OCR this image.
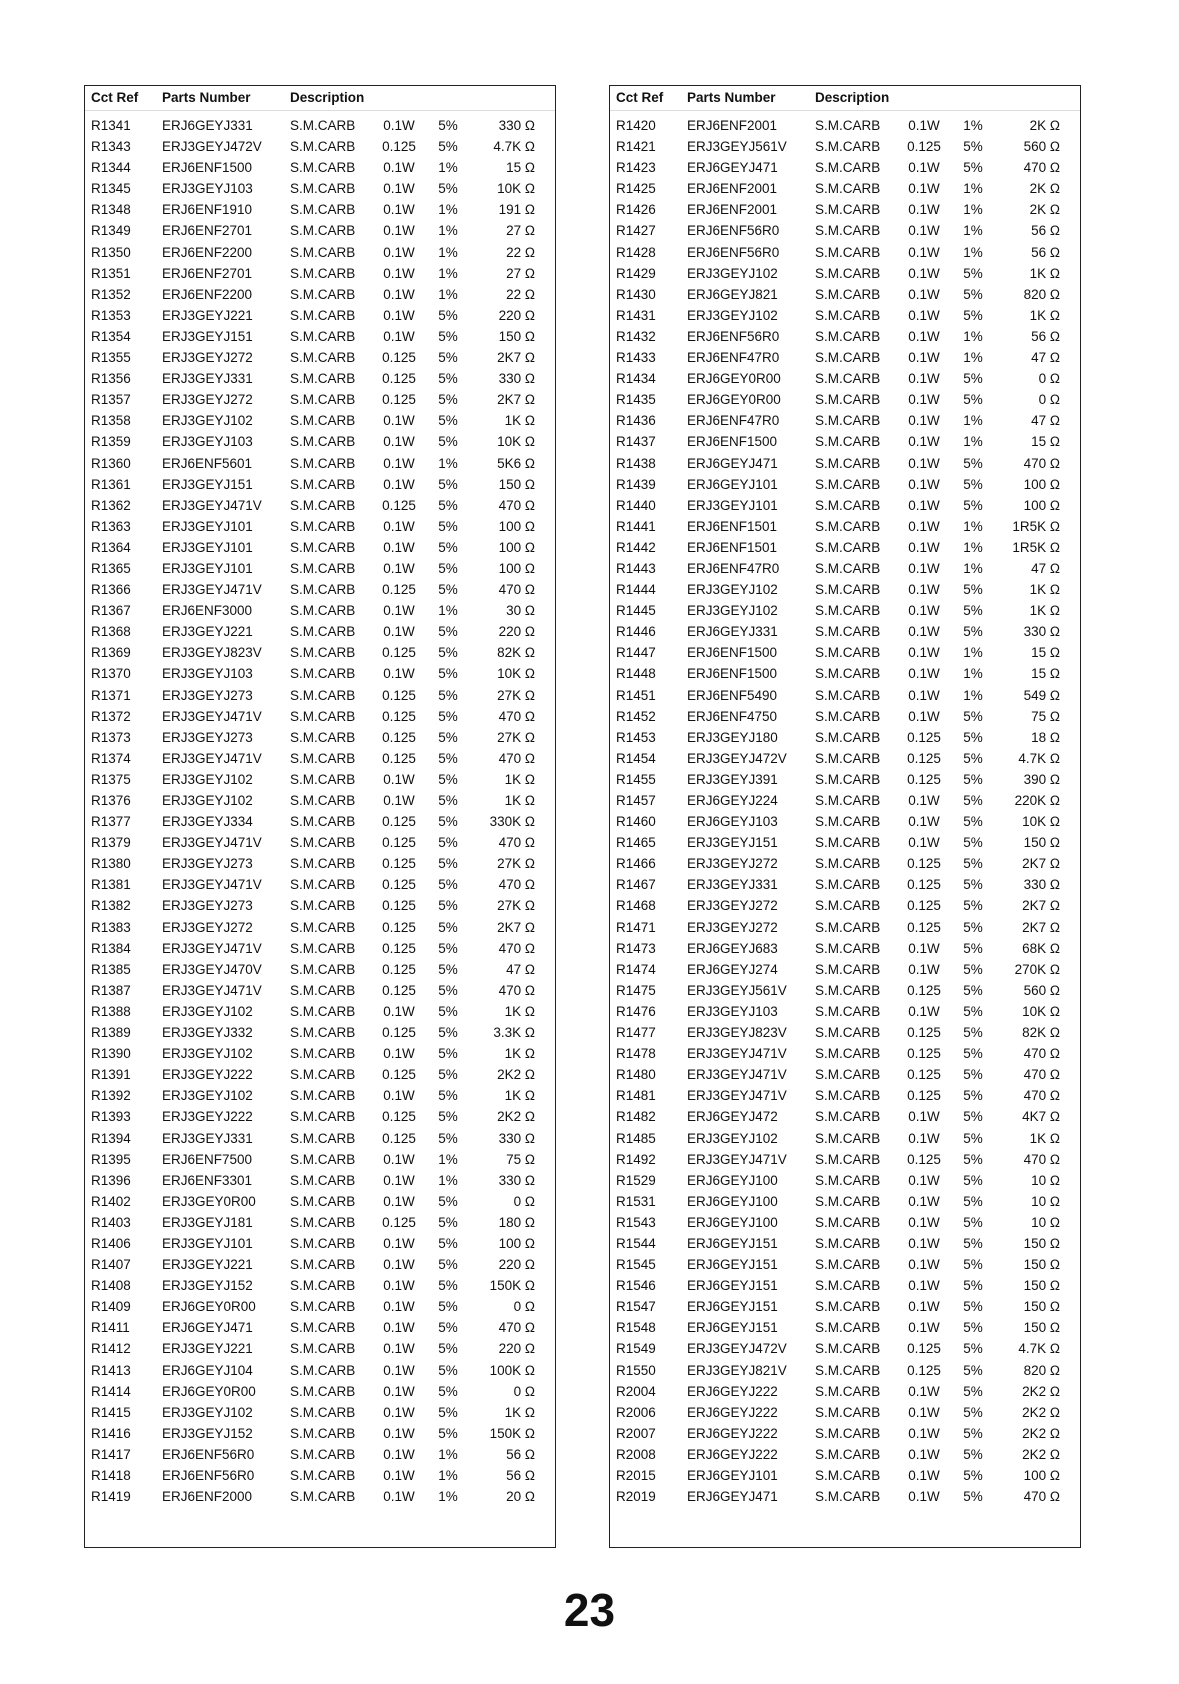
Cct Ref Parts Number	Description
R1341 ERJ6GEYJ331	S.M.CARB	0.1W	5%	330 Ω
R1343 ERJ3GEYJ472V S.M.CARB	0.125	5%	4.7K Ω
R1344 ERJ6ENF1500	S.M.CARB	0.1W	1%	15 Ω
R1345 ERJ3GEYJ103	S.M.CARB	0.1W	5%	10K Ω
R1348 ERJ6ENF1910	S.M.CARB	0.1W	1%	191 Ω
R1349 ERJ6ENF2701	S.M.CARB	0.1W	1%	27 Ω
R1350 ERJ6ENF2200	S.M.CARB	0.1W	1%	22 Ω
R1351 ERJ6ENF2701	S.M.CARB	0.1W	1%	27 Ω
R1352 ERJ6ENF2200	S.M.CARB	0.1W	1%	22 Ω
R1353 ERJ3GEYJ221	S.M.CARB	0.1W	5%	220 Ω
R1354 ERJ3GEYJ151	S.M.CARB	0.1W	5%	150 Ω
R1355 ERJ3GEYJ272	S.M.CARB	0.125	5%	2K7 Ω
R1356 ERJ3GEYJ331	S.M.CARB	0.125	5%	330 Ω
R1357 ERJ3GEYJ272	S.M.CARB	0.125	5%	2K7 Ω
R1358 ERJ3GEYJ102	S.M.CARB	0.1W	5%	1K Ω
R1359 ERJ3GEYJ103	S.M.CARB	0.1W	5%	10K Ω
R1360 ERJ6ENF5601	S.M.CARB	0.1W	1%	5K6 Ω
R1361 ERJ3GEYJ151	S.M.CARB	0.1W	5%	150 Ω
R1362 ERJ3GEYJ471V S.M.CARB	0.125	5%	470 Ω
R1363 ERJ3GEYJ101	S.M.CARB	0.1W	5%	100 Ω
R1364 ERJ3GEYJ101	S.M.CARB	0.1W	5%	100 Ω
R1365 ERJ3GEYJ101	S.M.CARB	0.1W	5%	100 Ω
R1366 ERJ3GEYJ471V S.M.CARB	0.125	5%	470 Ω
R1367 ERJ6ENF3000	S.M.CARB	0.1W	1%	30 Ω
R1368 ERJ3GEYJ221	S.M.CARB	0.1W	5%	220 Ω
R1369 ERJ3GEYJ823V S.M.CARB	0.125	5%	82K Ω
R1370 ERJ3GEYJ103	S.M.CARB	0.1W	5%	10K Ω
R1371 ERJ3GEYJ273	S.M.CARB	0.125	5%	27K Ω
R1372 ERJ3GEYJ471V S.M.CARB	0.125	5%	470 Ω
R1373 ERJ3GEYJ273	S.M.CARB	0.125	5%	27K Ω
R1374 ERJ3GEYJ471V S.M.CARB	0.125	5%	470 Ω
R1375 ERJ3GEYJ102	S.M.CARB	0.1W	5%	1K Ω
R1376 ERJ3GEYJ102	S.M.CARB	0.1W	5%	1K Ω
R1377 ERJ3GEYJ334	S.M.CARB	0.125	5%	330K Ω
R1379 ERJ3GEYJ471V S.M.CARB	0.125	5%	470 Ω
R1380 ERJ3GEYJ273	S.M.CARB	0.125	5%	27K Ω
R1381 ERJ3GEYJ471V S.M.CARB	0.125	5%	470 Ω
R1382 ERJ3GEYJ273	S.M.CARB	0.125	5%	27K Ω
R1383 ERJ3GEYJ272	S.M.CARB	0.125	5%	2K7 Ω
R1384 ERJ3GEYJ471V S.M.CARB	0.125	5%	470 Ω
R1385 ERJ3GEYJ470V S.M.CARB	0.125	5%	47 Ω
R1387 ERJ3GEYJ471V S.M.CARB	0.125	5%	470 Ω
R1388 ERJ3GEYJ102	S.M.CARB	0.1W	5%	1K Ω
R1389 ERJ3GEYJ332	S.M.CARB	0.125	5%	3.3K Ω
R1390 ERJ3GEYJ102	S.M.CARB	0.1W	5%	1K Ω
R1391 ERJ3GEYJ222	S.M.CARB	0.125	5%	2K2 Ω
R1392 ERJ3GEYJ102	S.M.CARB	0.1W	5%	1K Ω
R1393 ERJ3GEYJ222	S.M.CARB	0.125	5%	2K2 Ω
R1394 ERJ3GEYJ331	S.M.CARB	0.125	5%	330 Ω
R1395 ERJ6ENF7500	S.M.CARB	0.1W	1%	75 Ω
R1396 ERJ6ENF3301	S.M.CARB	0.1W	1%	330 Ω
R1402 ERJ3GEY0R00	S.M.CARB	0.1W	5%	0 Ω
R1403 ERJ3GEYJ181	S.M.CARB	0.125	5%	180 Ω
R1406 ERJ3GEYJ101	S.M.CARB	0.1W	5%	100 Ω
R1407 ERJ3GEYJ221	S.M.CARB	0.1W	5%	220 Ω
R1408 ERJ3GEYJ152	S.M.CARB	0.1W	5%	150K Ω
R1409 ERJ6GEY0R00	S.M.CARB	0.1W	5%	0 Ω
R1411 ERJ6GEYJ471	S.M.CARB	0.1W	5%	470 Ω
R1412 ERJ3GEYJ221	S.M.CARB	0.1W	5%	220 Ω
R1413 ERJ6GEYJ104	S.M.CARB	0.1W	5%	100K Ω
R1414 ERJ6GEY0R00	S.M.CARB	0.1W	5%	0 Ω
R1415 ERJ3GEYJ102	S.M.CARB	0.1W	5%	1K Ω
R1416 ERJ3GEYJ152	S.M.CARB	0.1W	5%	150K Ω
R1417 ERJ6ENF56R0	S.M.CARB	0.1W	1%	56 Ω
R1418 ERJ6ENF56R0	S.M.CARB	0.1W	1%	56 Ω
R1419 ERJ6ENF2000	S.M.CARB	0.1W	1%	20 Ω
Cct Ref Parts Number	Description
R1420 ERJ6ENF2001	S.M.CARB	0.1W	1%	2K Ω
R1421 ERJ3GEYJ561V S.M.CARB	0.125	5%	560 Ω
R1423 ERJ6GEYJ471	S.M.CARB	0.1W	5%	470 Ω
R1425 ERJ6ENF2001	S.M.CARB	0.1W	1%	2K Ω
R1426 ERJ6ENF2001	S.M.CARB	0.1W	1%	2K Ω
R1427 ERJ6ENF56R0	S.M.CARB	0.1W	1%	56 Ω
R1428 ERJ6ENF56R0	S.M.CARB	0.1W	1%	56 Ω
R1429 ERJ3GEYJ102	S.M.CARB	0.1W	5%	1K Ω
R1430 ERJ6GEYJ821	S.M.CARB	0.1W	5%	820 Ω
R1431 ERJ3GEYJ102	S.M.CARB	0.1W	5%	1K Ω
R1432 ERJ6ENF56R0	S.M.CARB	0.1W	1%	56 Ω
R1433 ERJ6ENF47R0	S.M.CARB	0.1W	1%	47 Ω
R1434 ERJ6GEY0R00	S.M.CARB	0.1W	5%	0 Ω
R1435 ERJ6GEY0R00	S.M.CARB	0.1W	5%	0 Ω
R1436 ERJ6ENF47R0	S.M.CARB	0.1W	1%	47 Ω
R1437 ERJ6ENF1500	S.M.CARB	0.1W	1%	15 Ω
R1438 ERJ6GEYJ471	S.M.CARB	0.1W	5%	470 Ω
R1439 ERJ6GEYJ101	S.M.CARB	0.1W	5%	100 Ω
R1440 ERJ3GEYJ101	S.M.CARB	0.1W	5%	100 Ω
R1441 ERJ6ENF1501	S.M.CARB	0.1W	1%	1R5K Ω
R1442 ERJ6ENF1501	S.M.CARB	0.1W	1%	1R5K Ω
R1443 ERJ6ENF47R0	S.M.CARB	0.1W	1%	47 Ω
R1444 ERJ3GEYJ102	S.M.CARB	0.1W	5%	1K Ω
R1445 ERJ3GEYJ102	S.M.CARB	0.1W	5%	1K Ω
R1446 ERJ6GEYJ331	S.M.CARB	0.1W	5%	330 Ω
R1447 ERJ6ENF1500	S.M.CARB	0.1W	1%	15 Ω
R1448 ERJ6ENF1500	S.M.CARB	0.1W	1%	15 Ω
R1451 ERJ6ENF5490	S.M.CARB	0.1W	1%	549 Ω
R1452 ERJ6ENF4750	S.M.CARB	0.1W	5%	75 Ω
R1453 ERJ3GEYJ180	S.M.CARB	0.125	5%	18 Ω
R1454 ERJ3GEYJ472V S.M.CARB	0.125	5%	4.7K Ω
R1455 ERJ3GEYJ391	S.M.CARB	0.125	5%	390 Ω
R1457 ERJ6GEYJ224	S.M.CARB	0.1W	5%	220K Ω
R1460 ERJ6GEYJ103	S.M.CARB	0.1W	5%	10K Ω
R1465 ERJ3GEYJ151	S.M.CARB	0.1W	5%	150 Ω
R1466 ERJ3GEYJ272	S.M.CARB	0.125	5%	2K7 Ω
R1467 ERJ3GEYJ331	S.M.CARB	0.125	5%	330 Ω
R1468 ERJ3GEYJ272	S.M.CARB	0.125	5%	2K7 Ω
R1471 ERJ3GEYJ272	S.M.CARB	0.125	5%	2K7 Ω
R1473 ERJ6GEYJ683	S.M.CARB	0.1W	5%	68K Ω
R1474 ERJ6GEYJ274	S.M.CARB	0.1W	5%	270K Ω
R1475 ERJ3GEYJ561V S.M.CARB	0.125	5%	560 Ω
R1476 ERJ3GEYJ103	S.M.CARB	0.1W	5%	10K Ω
R1477 ERJ3GEYJ823V S.M.CARB	0.125	5%	82K Ω
R1478 ERJ3GEYJ471V S.M.CARB	0.125	5%	470 Ω
R1480 ERJ3GEYJ471V S.M.CARB	0.125	5%	470 Ω
R1481 ERJ3GEYJ471V S.M.CARB	0.125	5%	470 Ω
R1482 ERJ6GEYJ472	S.M.CARB	0.1W	5%	4K7 Ω
R1485 ERJ3GEYJ102	S.M.CARB	0.1W	5%	1K Ω
R1492 ERJ3GEYJ471V S.M.CARB	0.125	5%	470 Ω
R1529 ERJ6GEYJ100	S.M.CARB	0.1W	5%	10 Ω
R1531 ERJ6GEYJ100	S.M.CARB	0.1W	5%	10 Ω
R1543 ERJ6GEYJ100	S.M.CARB	0.1W	5%	10 Ω
R1544 ERJ6GEYJ151	S.M.CARB	0.1W	5%	150 Ω
R1545 ERJ6GEYJ151	S.M.CARB	0.1W	5%	150 Ω
R1546 ERJ6GEYJ151	S.M.CARB	0.1W	5%	150 Ω
R1547 ERJ6GEYJ151	S.M.CARB	0.1W	5%	150 Ω
R1548 ERJ6GEYJ151	S.M.CARB	0.1W	5%	150 Ω
R1549 ERJ3GEYJ472V S.M.CARB	0.125	5%	4.7K Ω
R1550 ERJ3GEYJ821V S.M.CARB	0.125	5%	820 Ω
R2004 ERJ6GEYJ222	S.M.CARB	0.1W	5%	2K2 Ω
R2006 ERJ6GEYJ222	S.M.CARB	0.1W	5%	2K2 Ω
R2007 ERJ6GEYJ222	S.M.CARB	0.1W	5%	2K2 Ω
R2008 ERJ6GEYJ222	S.M.CARB	0.1W	5%	2K2 Ω
R2015 ERJ6GEYJ101	S.M.CARB	0.1W	5%	100 Ω
R2019 ERJ6GEYJ471	S.M.CARB	0.1W	5%	470 Ω
23
